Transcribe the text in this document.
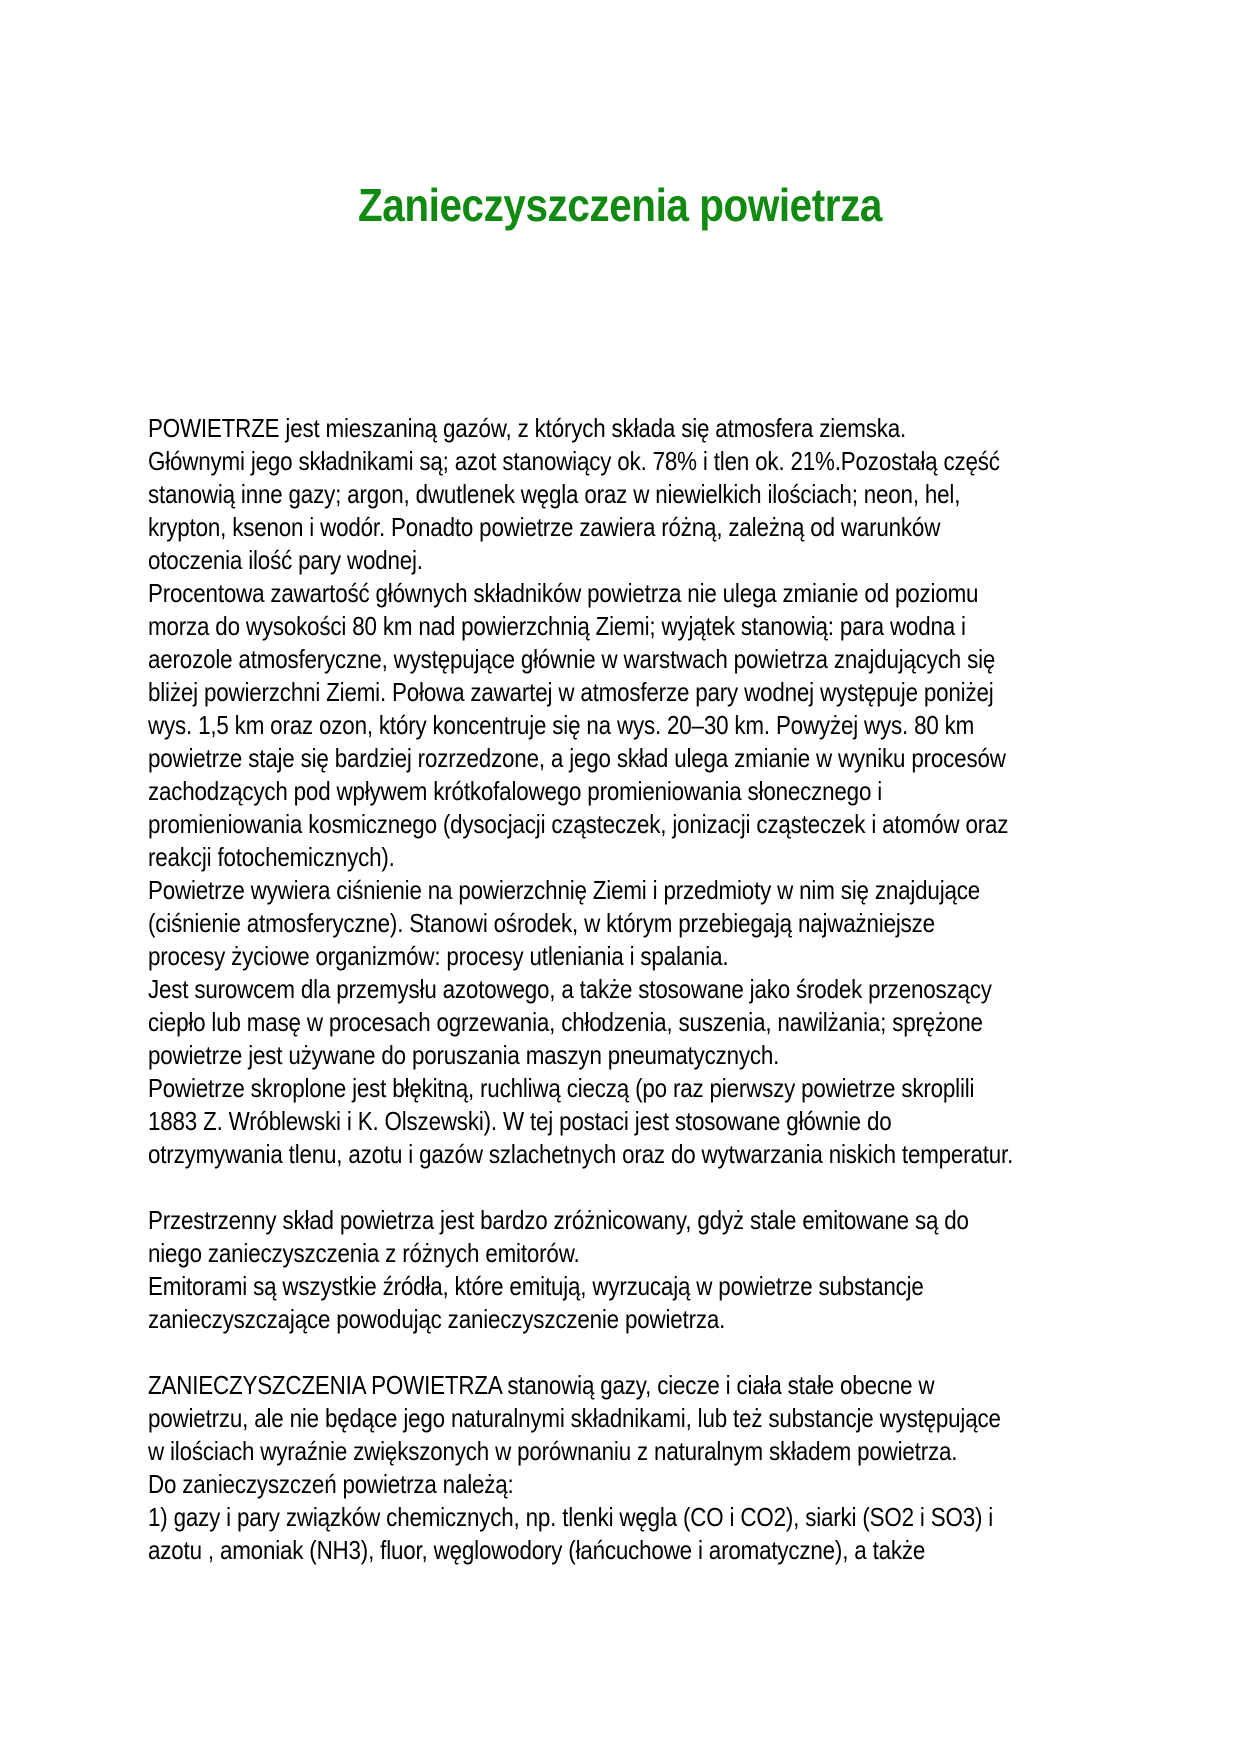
Zanieczyszczenia powietrza
POWIETRZE jest mieszaniną gazów, z których składa się atmosfera ziemska.
Głównymi jego składnikami są; azot stanowiący ok. 78% i tlen ok. 21%.Pozostałą część
stanowią inne gazy; argon, dwutlenek węgla oraz w niewielkich ilościach; neon, hel,
krypton, ksenon i wodór. Ponadto powietrze zawiera różną, zależną od warunków
otoczenia ilość pary wodnej.
Procentowa zawartość głównych składników powietrza nie ulega zmianie od poziomu
morza do wysokości 80 km nad powierzchnią Ziemi; wyjątek stanowią: para wodna i
aerozole atmosferyczne, występujące głównie w warstwach powietrza znajdujących się
bliżej powierzchni Ziemi. Połowa zawartej w atmosferze pary wodnej występuje poniżej
wys. 1,5 km oraz ozon, który koncentruje się na wys. 20–30 km. Powyżej wys. 80 km
powietrze staje się bardziej rozrzedzone, a jego skład ulega zmianie w wyniku procesów
zachodzących pod wpływem krótkofalowego promieniowania słonecznego i
promieniowania kosmicznego (dysocjacji cząsteczek, jonizacji cząsteczek i atomów oraz
reakcji fotochemicznych).
Powietrze wywiera ciśnienie na powierzchnię Ziemi i przedmioty w nim się znajdujące
(ciśnienie atmosferyczne). Stanowi ośrodek, w którym przebiegają najważniejsze
procesy życiowe organizmów: procesy utleniania i spalania.
Jest surowcem dla przemysłu azotowego, a także stosowane jako środek przenoszący
ciepło lub masę w procesach ogrzewania, chłodzenia, suszenia, nawilżania; sprężone
powietrze jest używane do poruszania maszyn pneumatycznych.
Powietrze skroplone jest błękitną, ruchliwą cieczą (po raz pierwszy powietrze skroplili
1883 Z. Wróblewski i K. Olszewski). W tej postaci jest stosowane głównie do
otrzymywania tlenu, azotu i gazów szlachetnych oraz do wytwarzania niskich temperatur.
Przestrzenny skład powietrza jest bardzo zróżnicowany, gdyż stale emitowane są do
niego zanieczyszczenia z różnych emitorów.
Emitorami są wszystkie źródła, które emitują, wyrzucają w powietrze substancje
zanieczyszczające powodując zanieczyszczenie powietrza.
ZANIECZYSZCZENIA POWIETRZA stanowią gazy, ciecze i ciała stałe obecne w
powietrzu, ale nie będące jego naturalnymi składnikami, lub też substancje występujące
w ilościach wyraźnie zwiększonych w porównaniu z naturalnym składem powietrza.
Do zanieczyszczeń powietrza należą:
1) gazy i pary związków chemicznych, np. tlenki węgla (CO i CO2), siarki (SO2 i SO3) i
azotu , amoniak (NH3), fluor, węglowodory (łańcuchowe i aromatyczne), a także
